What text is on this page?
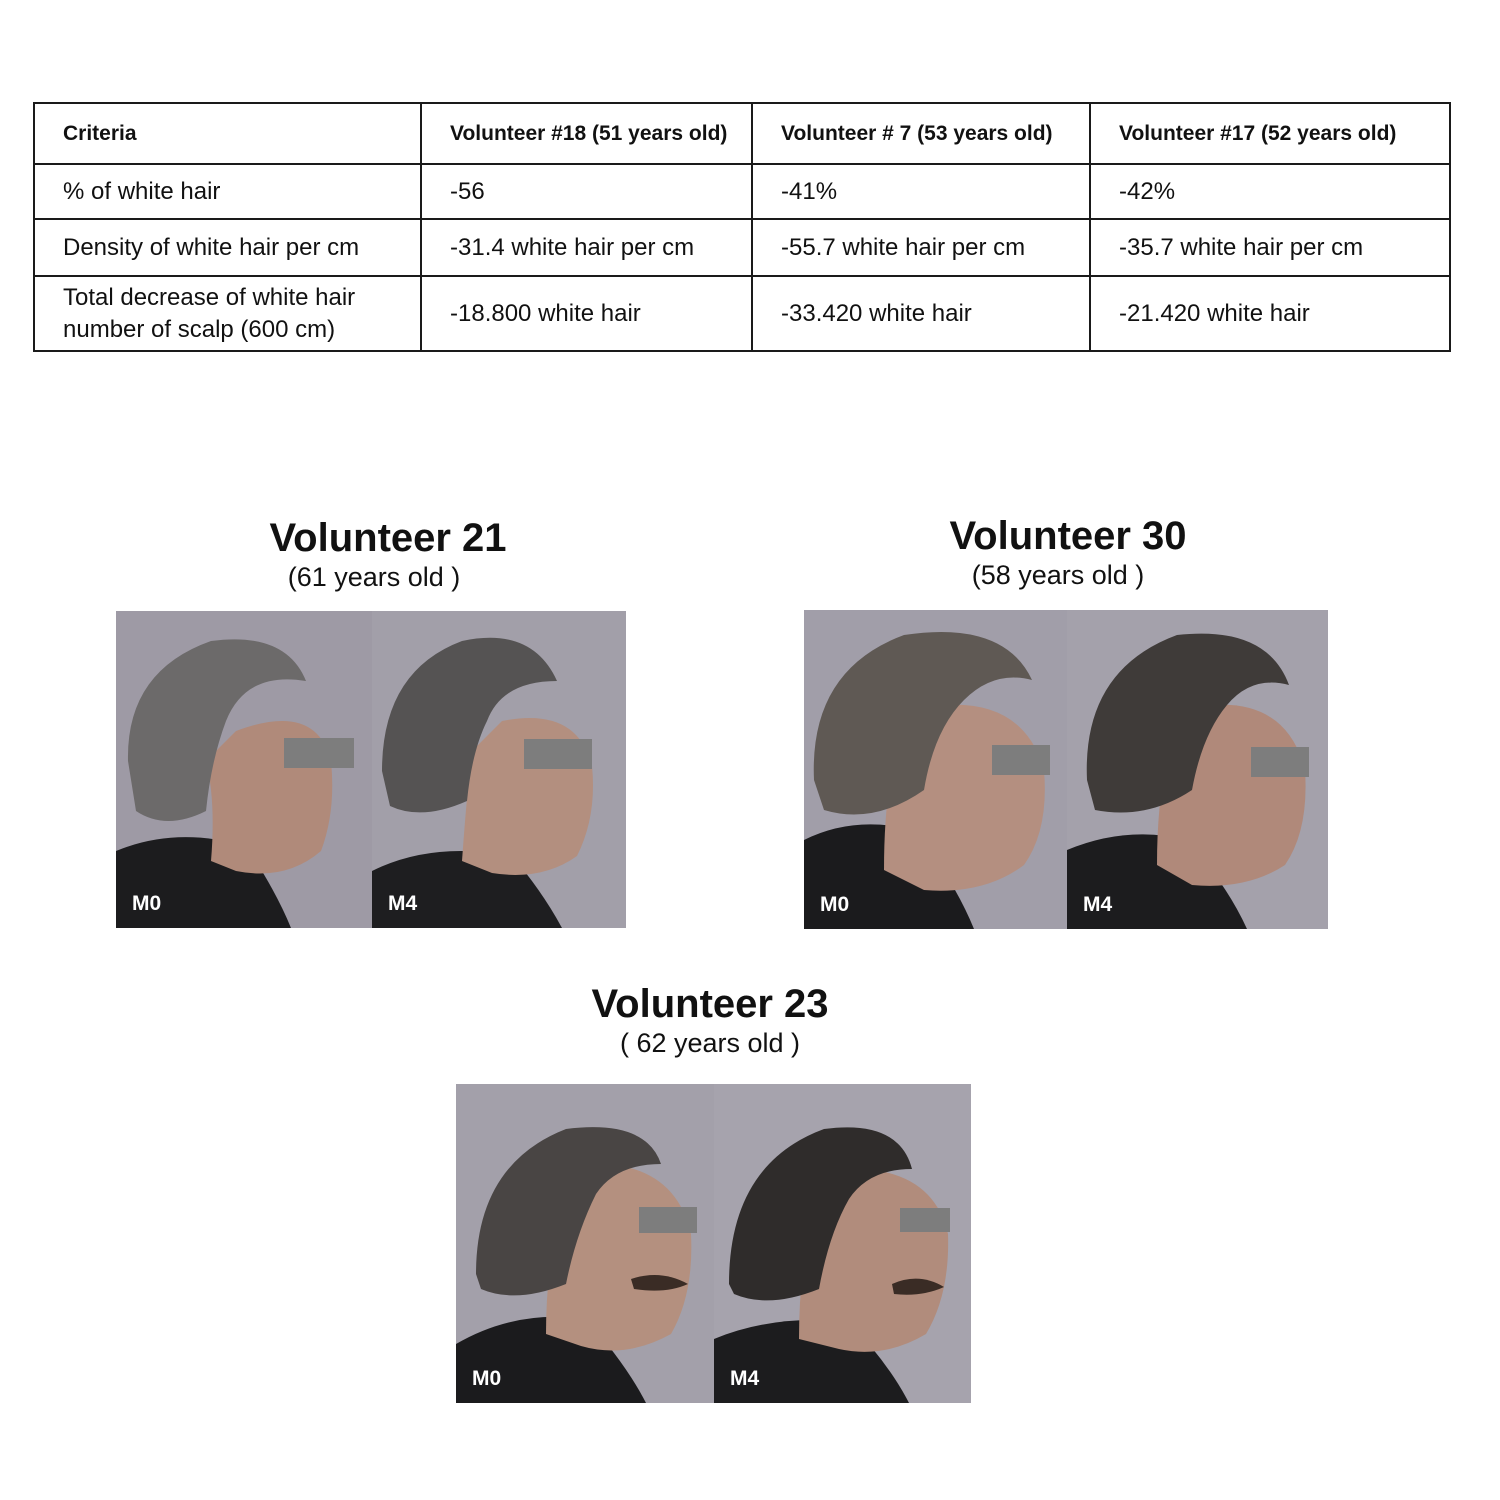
Criteria	Volunteer #18 (51 years old)	Volunteer # 7 (53 years old)	Volunteer #17 (52 years old)
% of white hair	-56	-41%	-42%
Density of white hair per cm	-31.4 white hair per cm	-55.7 white hair per cm	-35.7 white hair per cm
Total decrease of white hair number of scalp (600 cm)	-18.800 white hair	-33.420 white hair	-21.420 white hair
Volunteer 21
(61 years old )
M0	M4
Volunteer 30
(58 years old )
M0	M4
Volunteer 23
( 62 years old )
M0	M4
